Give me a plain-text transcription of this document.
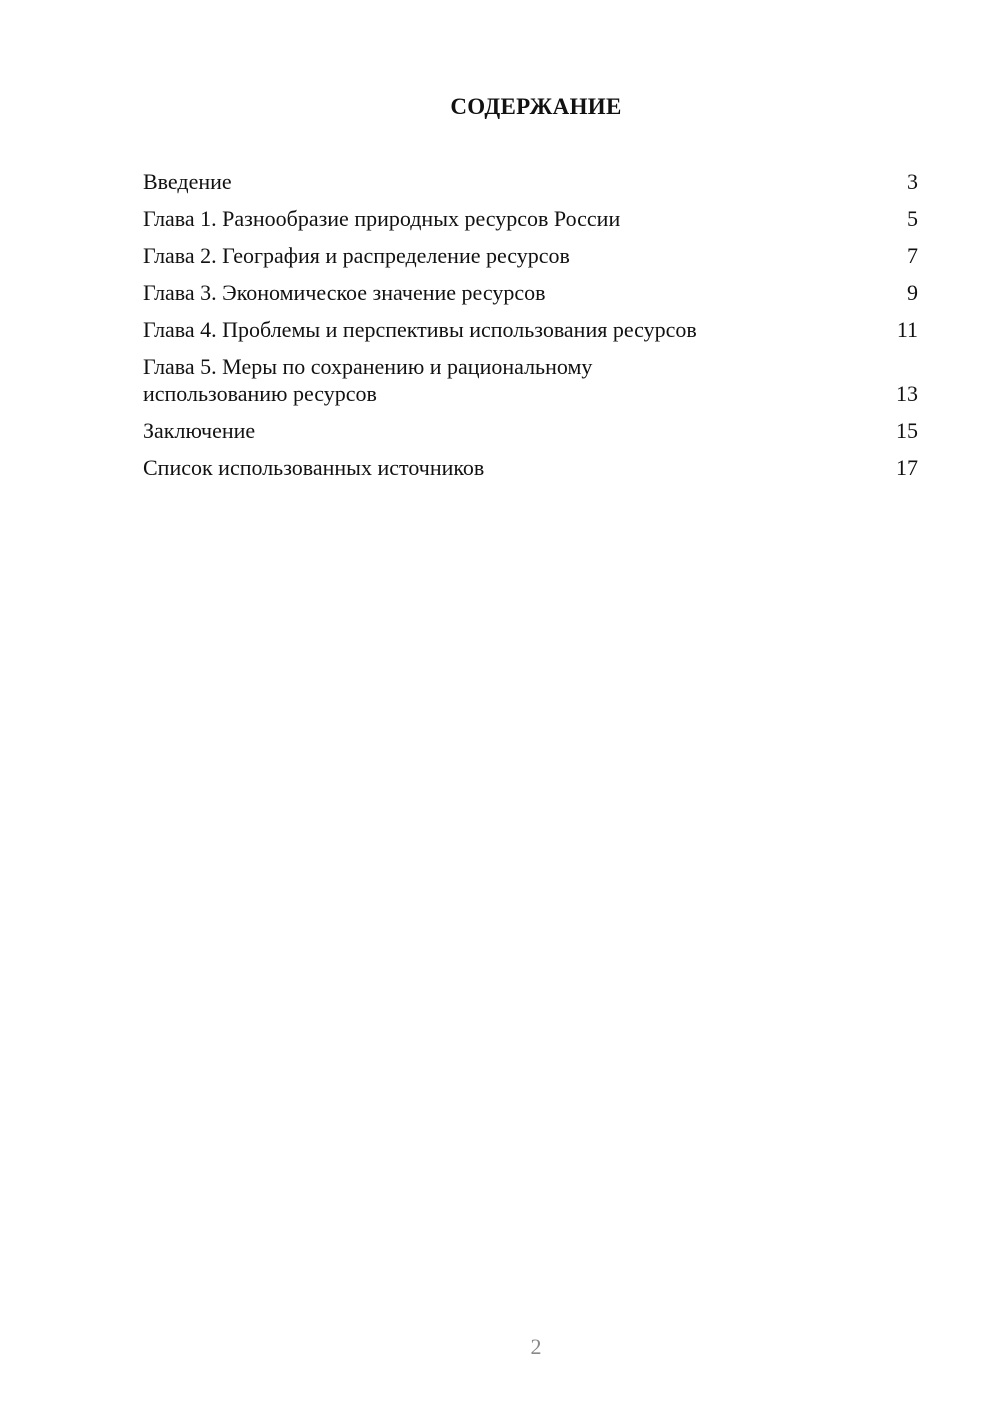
СОДЕРЖАНИЕ
Введение	3
Глава 1. Разнообразие природных ресурсов России	5
Глава 2. География и распределение ресурсов	7
Глава 3. Экономическое значение ресурсов	9
Глава 4. Проблемы и перспективы использования ресурсов	11
Глава 5. Меры по сохранению и рациональному использованию ресурсов	13
Заключение	15
Список использованных источников	17
2
